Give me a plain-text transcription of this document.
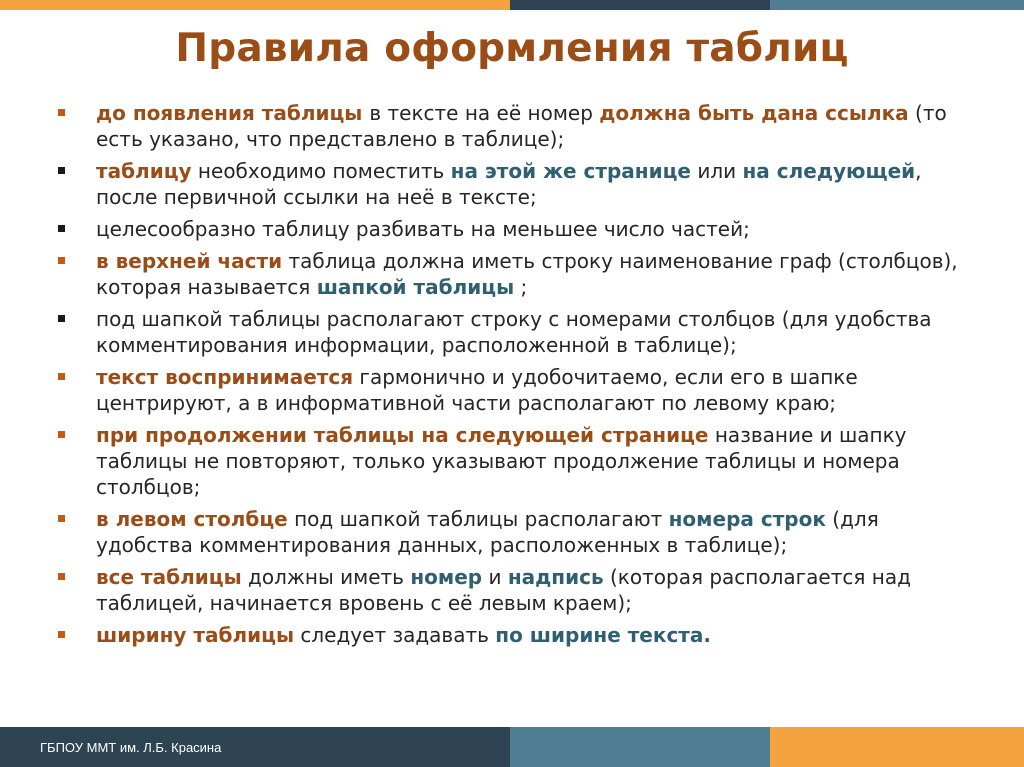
Правила оформления таблиц
до появления таблицы в тексте на её номер должна быть дана ссылка (то есть указано, что представлено в таблице);
таблицу необходимо поместить на этой же странице или на следующей, после первичной ссылки на неё в тексте;
целесообразно таблицу разбивать на меньшее число частей;
в верхней части таблица должна иметь строку наименование граф (столбцов), которая называется шапкой таблицы ;
под шапкой таблицы располагают строку с номерами столбцов (для удобства комментирования информации, расположенной в таблице);
текст воспринимается гармонично и удобочитаемо, если его в шапке центрируют, а в информативной части располагают по левому краю;
при продолжении таблицы на следующей странице название и шапку таблицы не повторяют, только указывают продолжение таблицы и номера столбцов;
в левом столбце под шапкой таблицы располагают номера строк (для удобства комментирования данных, расположенных в таблице);
все таблицы должны иметь номер и надпись (которая располагается над таблицей, начинается вровень с её левым краем);
ширину таблицы следует задавать по ширине текста.
ГБПОУ ММТ им. Л.Б. Красина
